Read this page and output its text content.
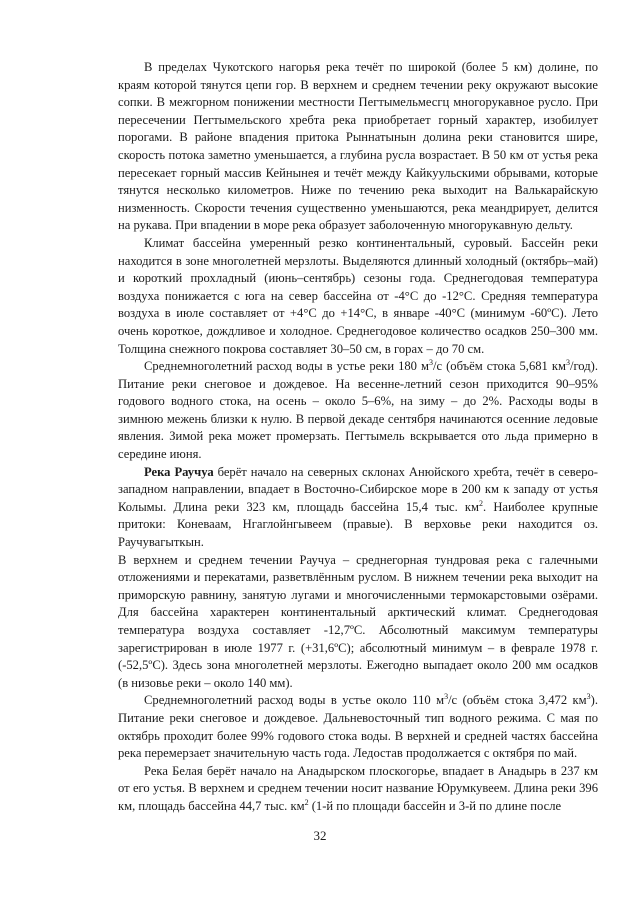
В пределах Чукотского нагорья река течёт по широкой (более 5 км) долине, по краям которой тянутся цепи гор. В верхнем и среднем течении реку окружают высокие сопки. В межгорном понижении местности Пегтымельмесгц многорукавное русло. При пересечении Пегтымельского хребта река приобретает горный характер, изобилует порогами. В районе впадения притока Рыннатынын долина реки становится шире, скорость потока заметно уменьшается, а глубина русла возрастает. В 50 км от устья река пересекает горный массив Кейнынея и течёт между Кайкуульскими обрывами, которые тянутся несколько километров. Ниже по течению река выходит на Валькарайскую низменность. Скорости течения существенно уменьшаются, река меандрирует, делится на рукава. При впадении в море река образует заболоченную многорукавную дельту.

Климат бассейна умеренный резко континентальный, суровый. Бассейн реки находится в зоне многолетней мерзлоты. Выделяются длинный холодный (октябрь–май) и короткий прохладный (июнь–сентябрь) сезоны года. Среднегодовая температура воздуха понижается с юга на север бассейна от -4°С до -12°С. Средняя температура воздуха в июле составляет от +4°С до +14°С, в январе -40°С (минимум -60ºС). Лето очень короткое, дождливое и холодное. Среднегодовое количество осадков 250–300 мм. Толщина снежного покрова составляет 30–50 см, в горах – до 70 см.

Среднемноголетний расход воды в устье реки 180 $м^3/с$ (объём стока 5,681 $км^3/год$). Питание реки снеговое и дождевое. На весенне-летний сезон приходится 90–95% годового водного стока, на осень – около 5–6%, на зиму – до 2%. Расходы воды в зимнюю межень близки к нулю. В первой декаде сентября начинаются осенние ледовые явления. Зимой река может промерзать. Пегтымель вскрывается ото льда примерно в середине июня.

Река Раучуа берёт начало на северных склонах Анюйского хребта, течёт в северо-западном направлении, впадает в Восточно-Сибирское море в 200 км к западу от устья Колымы. Длина реки 323 км, площадь бассейна 15,4 тыс. $км^2$. Наиболее крупные притоки: Коневаам, Нгаглойнгывеем (правые). В верховье реки находится оз. Раучувагыткын.

В верхнем и среднем течении Раучуа – среднегорная тундровая река с галечными отложениями и перекатами, разветвлённым руслом. В нижнем течении река выходит на приморскую равнину, занятую лугами и многочисленными термокарстовыми озёрами. Для бассейна характерен континентальный арктический климат. Среднегодовая температура воздуха составляет -12,7ºС. Абсолютный максимум температуры зарегистрирован в июле 1977 г. (+31,6ºС); абсолютный минимум – в феврале 1978 г. (-52,5ºС). Здесь зона многолетней мерзлоты. Ежегодно выпадает около 200 мм осадков (в низовье реки – около 140 мм).

Среднемноголетний расход воды в устье около 110 $м^3/с$ (объём стока 3,472 $км^3$). Питание реки снеговое и дождевое. Дальневосточный тип водного режима. С мая по октябрь проходит более 99% годового стока воды. В верхней и средней частях бассейна река перемерзает значительную часть года. Ледостав продолжается с октября по май.

Река Белая берёт начало на Анадырском плоскогорье, впадает в Анадырь в 237 км от его устья. В верхнем и среднем течении носит название Юрумкувеем. Длина реки 396 км, площадь бассейна 44,7 тыс. $км^2$ (1-й по площади бассейн и 3-й по длине после

32
